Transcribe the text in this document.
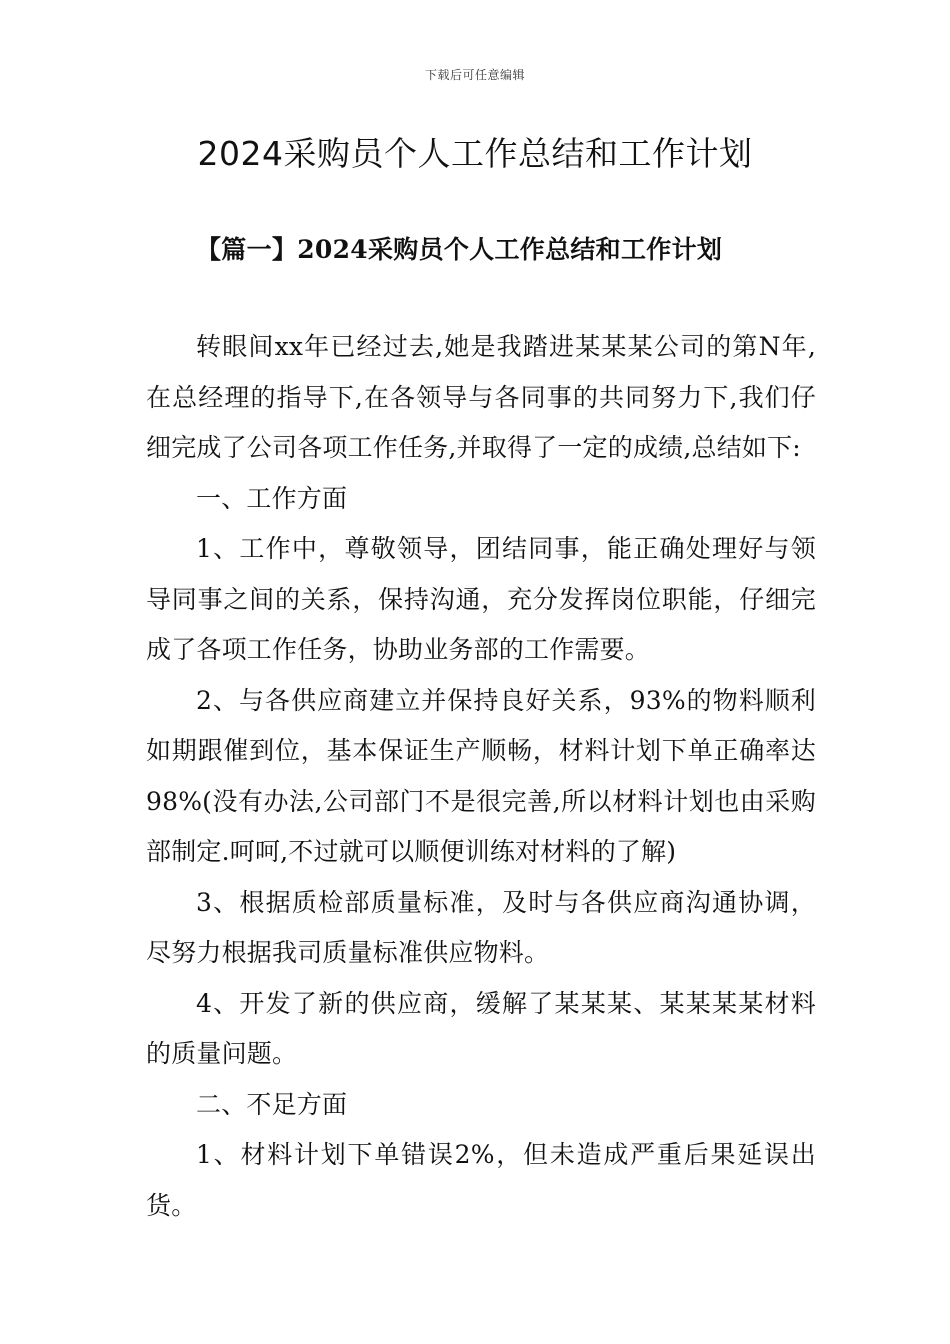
下载后可任意编辑
2024采购员个人工作总结和工作计划
【篇一】2024采购员个人工作总结和工作计划

转眼间xx年已经过去,她是我踏进某某某公司的第N年,在总经理的指导下,在各领导与各同事的共同努力下,我们仔细完成了公司各项工作任务,并取得了一定的成绩,总结如下:

一、工作方面

1、工作中，尊敬领导，团结同事，能正确处理好与领导同事之间的关系，保持沟通，充分发挥岗位职能，仔细完成了各项工作任务，协助业务部的工作需要。

2、与各供应商建立并保持良好关系，93%的物料顺利如期跟催到位，基本保证生产顺畅，材料计划下单正确率达98%(没有办法,公司部门不是很完善,所以材料计划也由采购部制定.呵呵,不过就可以顺便训练对材料的了解)

3、根据质检部质量标准，及时与各供应商沟通协调，尽努力根据我司质量标准供应物料。

4、开发了新的供应商，缓解了某某某、某某某某材料的质量问题。

二、不足方面

1、材料计划下单错误2%，但未造成严重后果延误出货。
